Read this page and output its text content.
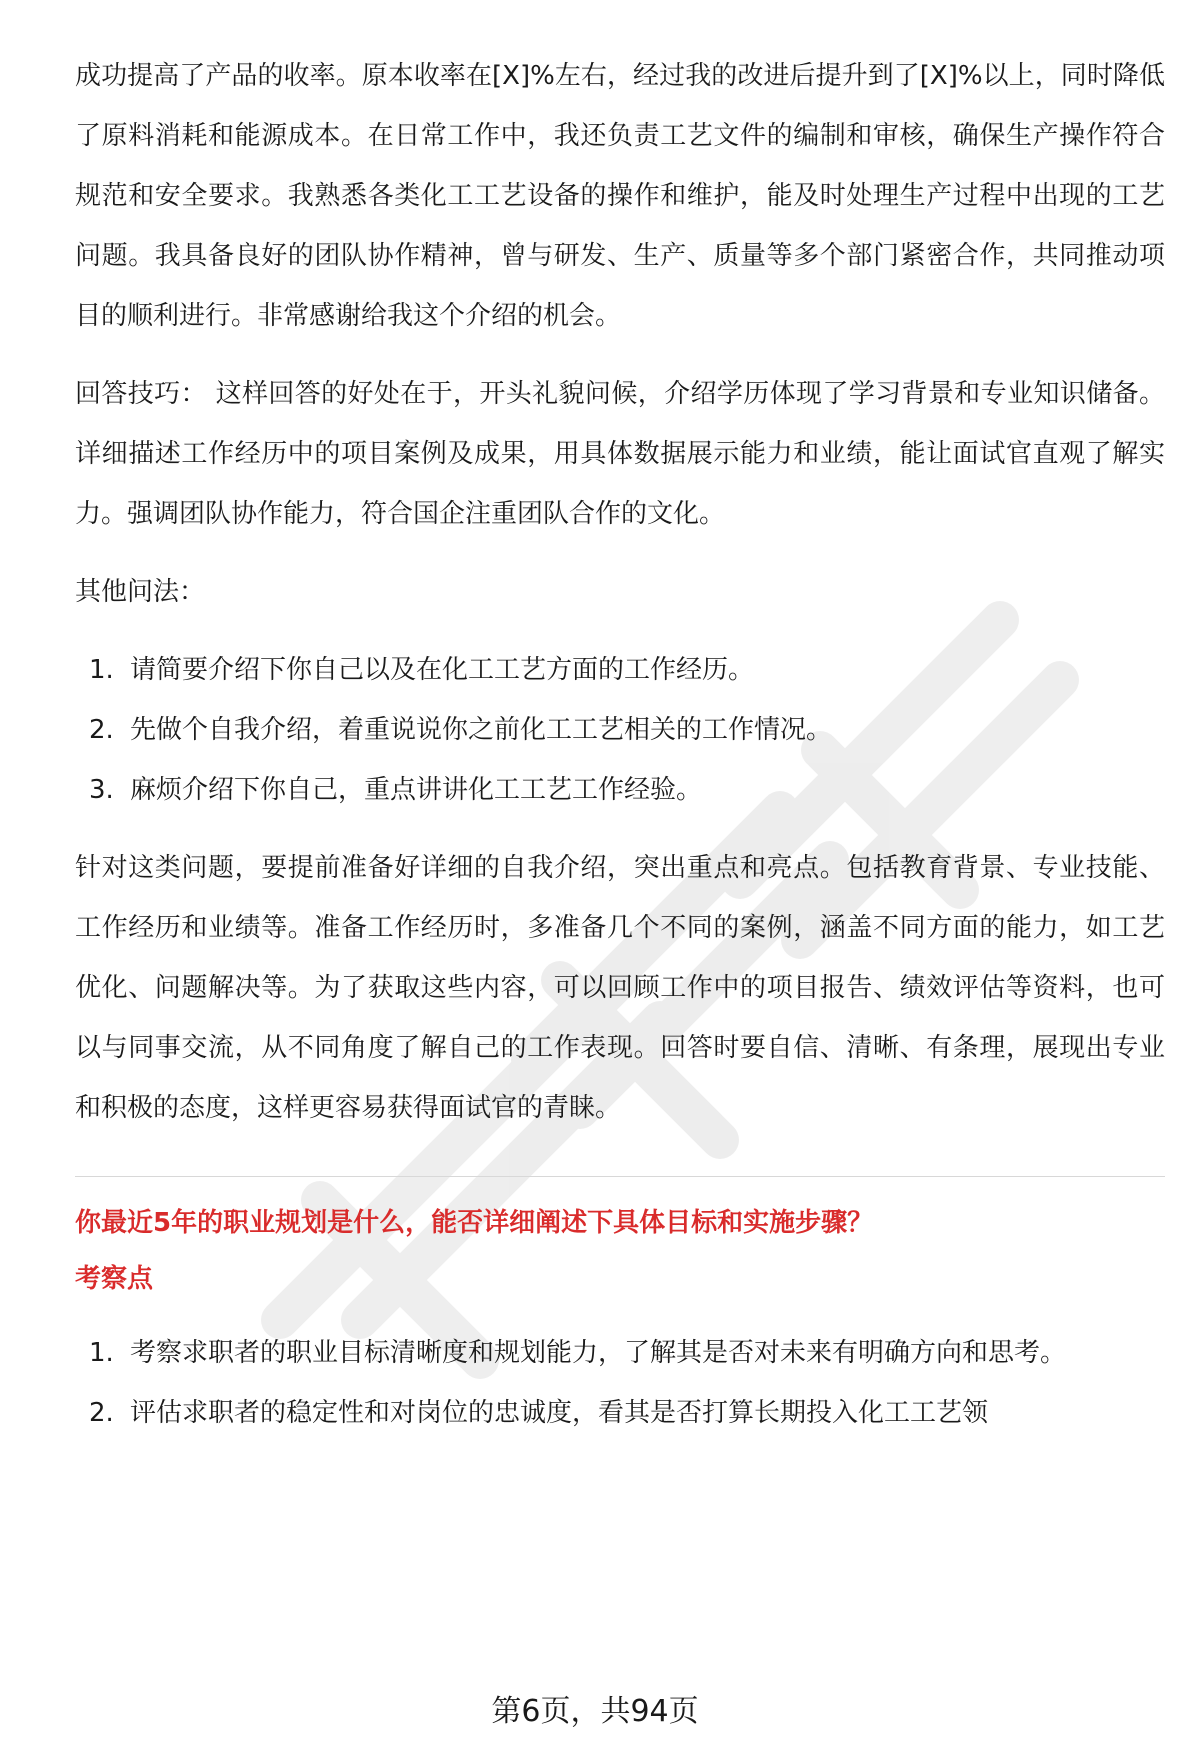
成功提高了产品的收率。原本收率在[X]%左右，经过我的改进后提升到了[X]%以上，同时降低了原料消耗和能源成本。在日常工作中，我还负责工艺文件的编制和审核，确保生产操作符合规范和安全要求。我熟悉各类化工工艺设备的操作和维护，能及时处理生产过程中出现的工艺问题。我具备良好的团队协作精神，曾与研发、生产、质量等多个部门紧密合作，共同推动项目的顺利进行。非常感谢给我这个介绍的机会。

回答技巧： 这样回答的好处在于，开头礼貌问候，介绍学历体现了学习背景和专业知识储备。详细描述工作经历中的项目案例及成果，用具体数据展示能力和业绩，能让面试官直观了解实力。强调团队协作能力，符合国企注重团队合作的文化。

其他问法：

1. 请简要介绍下你自己以及在化工工艺方面的工作经历。
2. 先做个自我介绍，着重说说你之前化工工艺相关的工作情况。
3. 麻烦介绍下你自己，重点讲讲化工工艺工作经验。

针对这类问题，要提前准备好详细的自我介绍，突出重点和亮点。包括教育背景、专业技能、工作经历和业绩等。准备工作经历时，多准备几个不同的案例，涵盖不同方面的能力，如工艺优化、问题解决等。为了获取这些内容，可以回顾工作中的项目报告、绩效评估等资料，也可以与同事交流，从不同角度了解自己的工作表现。回答时要自信、清晰、有条理，展现出专业和积极的态度，这样更容易获得面试官的青睐。

你最近5年的职业规划是什么，能否详细阐述下具体目标和实施步骤？

考察点

1. 考察求职者的职业目标清晰度和规划能力，了解其是否对未来有明确方向和思考。
2. 评估求职者的稳定性和对岗位的忠诚度，看其是否打算长期投入化工工艺领
第6页，共94页
